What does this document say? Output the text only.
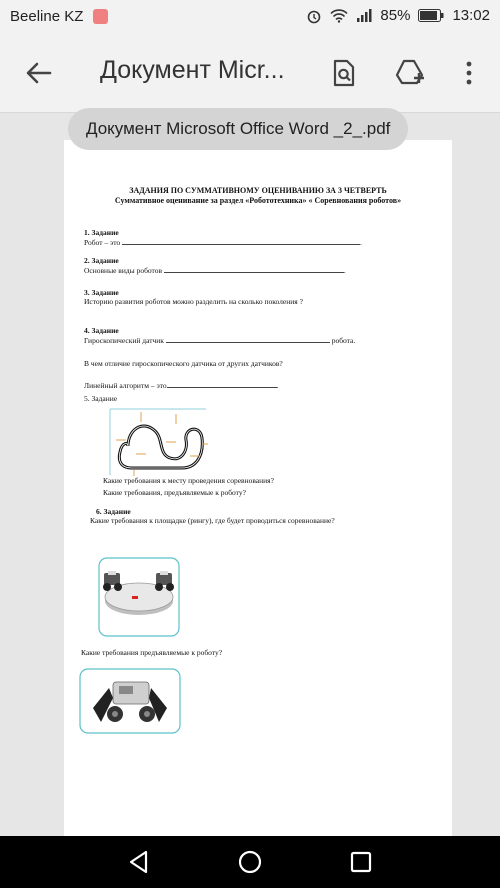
Beeline KZ	85%	13:02
Документ Micr...
ЗАДАНИЯ ПО СУММАТИВНОМУ ОЦЕНИВАНИЮ ЗА 3 ЧЕТВЕРТЬ
Суммативное оценивание за раздел «Робототехника» « Соревнования роботов»
1. Задание
Робот – это	.
2. Задание
Основные виды роботов	.
3. Задание
Историю развития роботов можно разделить на сколько поколения ?
4. Задание
Гироскопический датчик	робота.
В чем отличие гироскопического датчика от других датчиков?
Линейный алгоритм – это	.
5. Задание
Какие требования к месту проведения соревнования?
Какие требования, предъявляемые к роботу?
6. Задание
Какие требования к площадке (рингу), где будет проводиться соревнование?
Какие требования предъявляемые к роботу?
Документ Microsoft Office Word _2_.pdf
